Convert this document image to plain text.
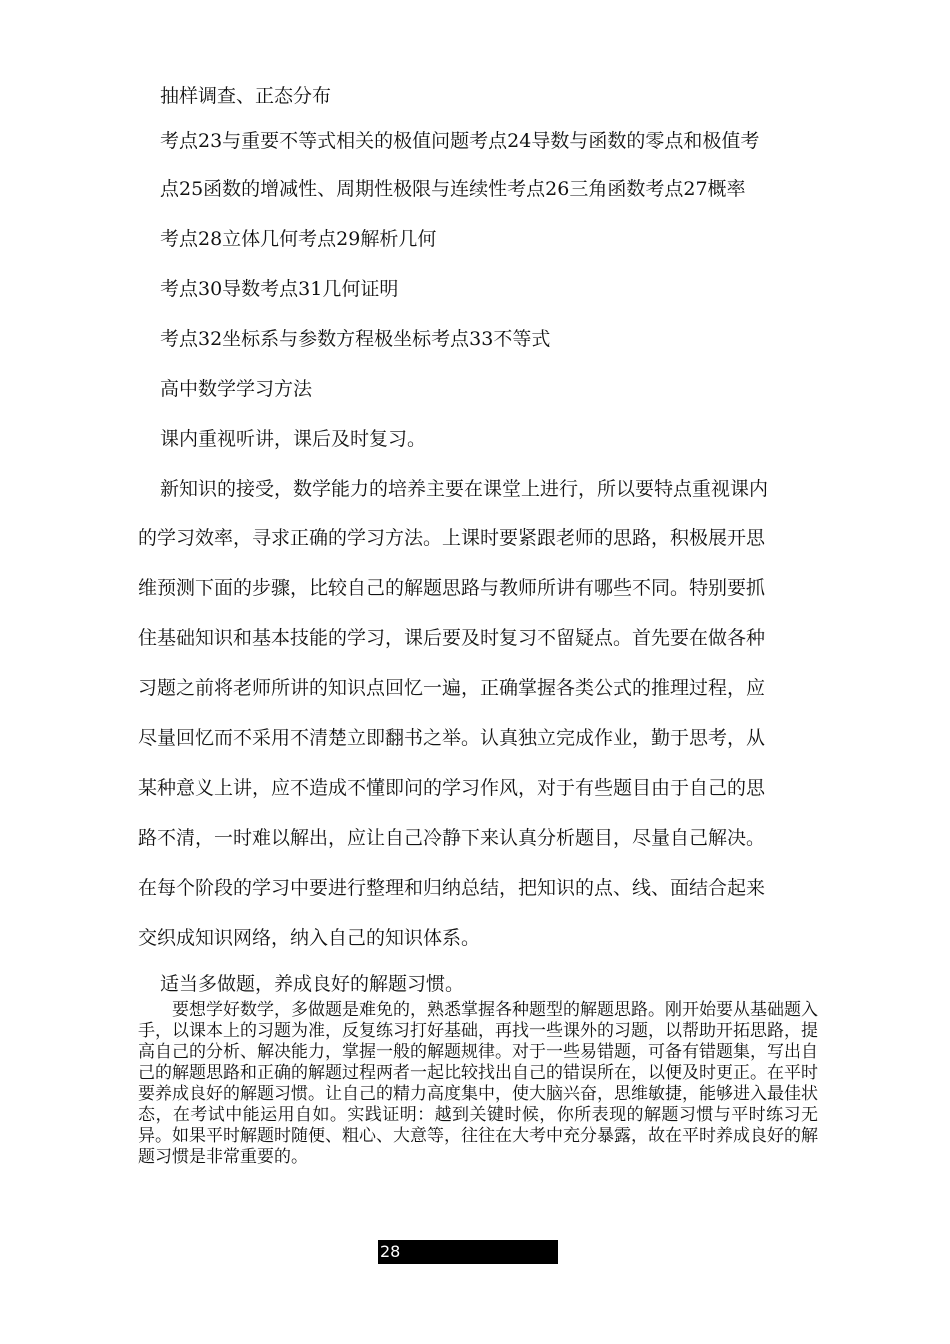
抽样调查、正态分布
考点23与重要不等式相关的极值问题考点24导数与函数的零点和极值考
点25函数的增减性、周期性极限与连续性考点26三角函数考点27概率
考点28立体几何考点29解析几何
考点30导数考点31几何证明
考点32坐标系与参数方程极坐标考点33不等式
高中数学学习方法
课内重视听讲，课后及时复习。
新知识的接受，数学能力的培养主要在课堂上进行，所以要特点重视课内
的学习效率，寻求正确的学习方法。上课时要紧跟老师的思路，积极展开思
维预测下面的步骤，比较自己的解题思路与教师所讲有哪些不同。特别要抓
住基础知识和基本技能的学习，课后要及时复习不留疑点。首先要在做各种
习题之前将老师所讲的知识点回忆一遍，正确掌握各类公式的推理过程，应
尽量回忆而不采用不清楚立即翻书之举。认真独立完成作业，勤于思考，从
某种意义上讲，应不造成不懂即问的学习作风，对于有些题目由于自己的思
路不清，一时难以解出，应让自己冷静下来认真分析题目，尽量自己解决。
在每个阶段的学习中要进行整理和归纳总结，把知识的点、线、面结合起来
交织成知识网络，纳入自己的知识体系。
适当多做题，养成良好的解题习惯。

要想学好数学，多做题是难免的，熟悉掌握各种题型的解题思路。刚开始要从基础题入手，以课本上的习题为准，反复练习打好基础，再找一些课外的习题，以帮助开拓思路，提高自己的分析、解决能力，掌握一般的解题规律。对于一些易错题，可备有错题集，写出自己的解题思路和正确的解题过程两者一起比较找出自己的错误所在，以便及时更正。在平时要养成良好的解题习惯。让自己的精力高度集中，使大脑兴奋，思维敏捷，能够进入最佳状态，在考试中能运用自如。实践证明：越到关键时候，你所表现的解题习惯与平时练习无异。如果平时解题时随便、粗心、大意等，往往在大考中充分暴露，故在平时养成良好的解题习惯是非常重要的。

28
